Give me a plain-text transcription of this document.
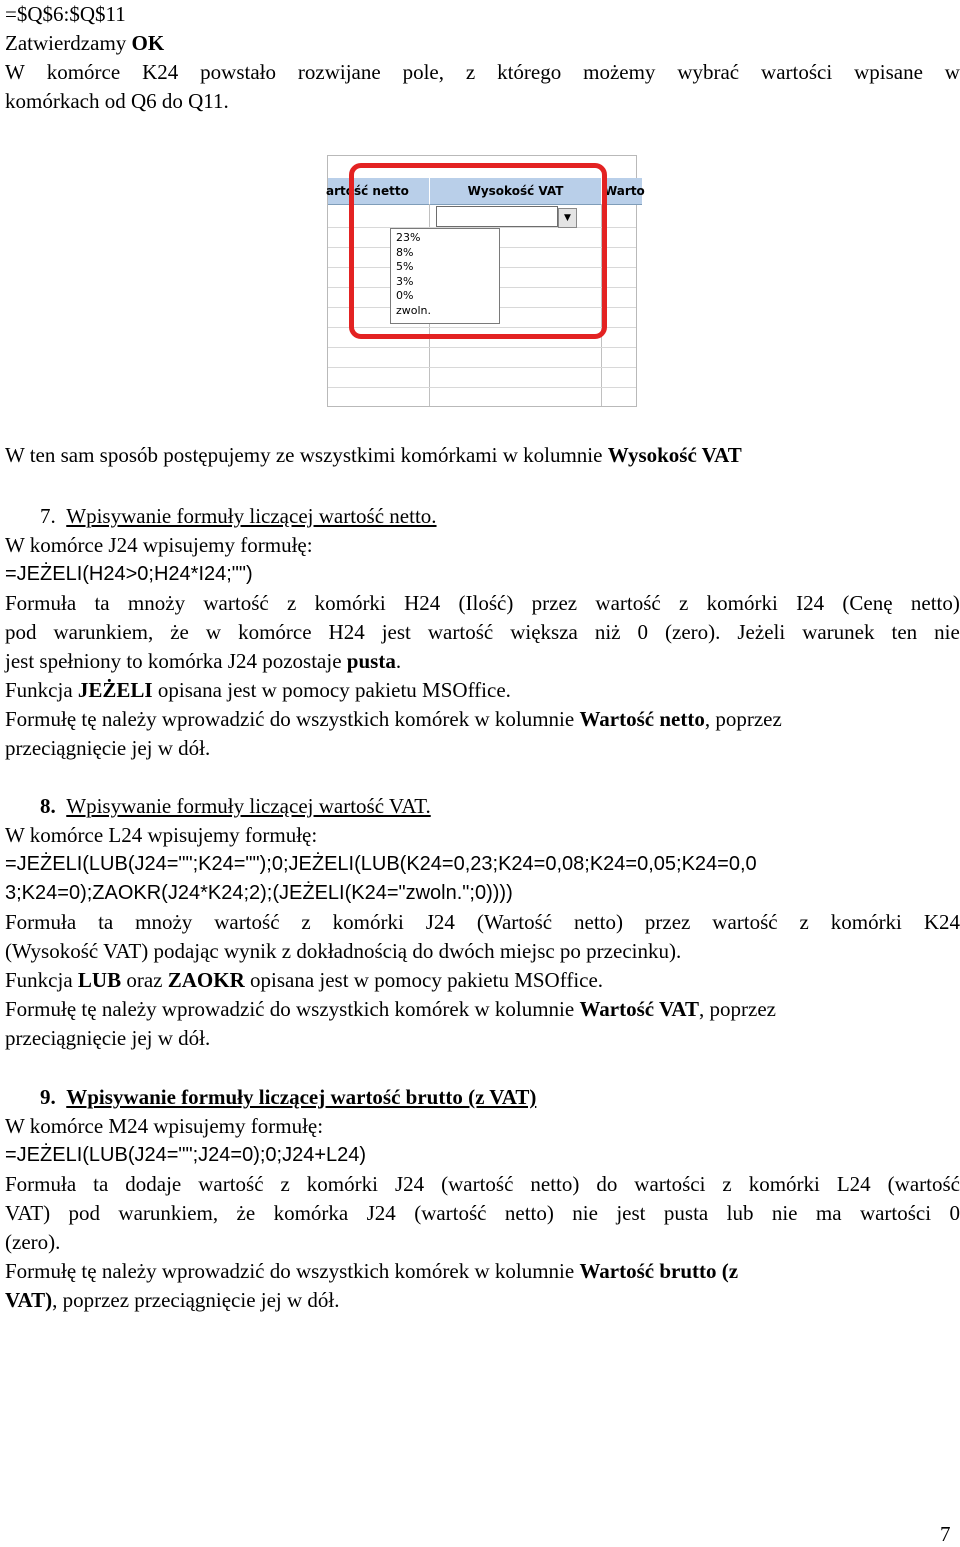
=$Q$6:$Q$11
Zatwierdzamy OK
W komórce K24 powstało rozwijane pole, z którego możemy wybrać wartości wpisane w
komórkach od Q6 do Q11.
artość netto	Wysokość VAT	Warto
▼
23%
8%
5%
3%
0%
zwoln.
W ten sam sposób postępujemy ze wszystkimi komórkami w kolumnie Wysokość VAT
7. Wpisywanie formuły liczącej wartość netto.
W komórce J24 wpisujemy formułę:
=JEŻELI(H24>0;H24*I24;"")
Formuła ta mnoży wartość z komórki H24 (Ilość) przez wartość z komórki I24 (Cenę netto)
pod warunkiem, że w komórce H24 jest wartość większa niż 0 (zero). Jeżeli warunek ten nie
jest spełniony to komórka J24 pozostaje pusta.
Funkcja JEŻELI opisana jest w pomocy pakietu MSOffice.
Formułę tę należy wprowadzić do wszystkich komórek w kolumnie Wartość netto, poprzez
przeciągnięcie jej w dół.
8. Wpisywanie formuły liczącej wartość VAT.
W komórce L24 wpisujemy formułę:
=JEŻELI(LUB(J24="";K24="");0;JEŻELI(LUB(K24=0,23;K24=0,08;K24=0,05;K24=0,0
3;K24=0);ZAOKR(J24*K24;2);(JEŻELI(K24="zwoln.";0))))
Formuła ta mnoży wartość z komórki J24 (Wartość netto) przez wartość z komórki K24
(Wysokość VAT) podając wynik z dokładnością do dwóch miejsc po przecinku).
Funkcja LUB oraz ZAOKR opisana jest w pomocy pakietu MSOffice.
Formułę tę należy wprowadzić do wszystkich komórek w kolumnie Wartość VAT, poprzez
przeciągnięcie jej w dół.
9. Wpisywanie formuły liczącej wartość brutto (z VAT)
W komórce M24 wpisujemy formułę:
=JEŻELI(LUB(J24="";J24=0);0;J24+L24)
Formuła ta dodaje wartość z komórki J24 (wartość netto) do wartości z komórki L24 (wartość
VAT) pod warunkiem, że komórka J24 (wartość netto) nie jest pusta lub nie ma wartości 0
(zero).
Formułę tę należy wprowadzić do wszystkich komórek w kolumnie Wartość brutto (z
VAT), poprzez przeciągnięcie jej w dół.
7
